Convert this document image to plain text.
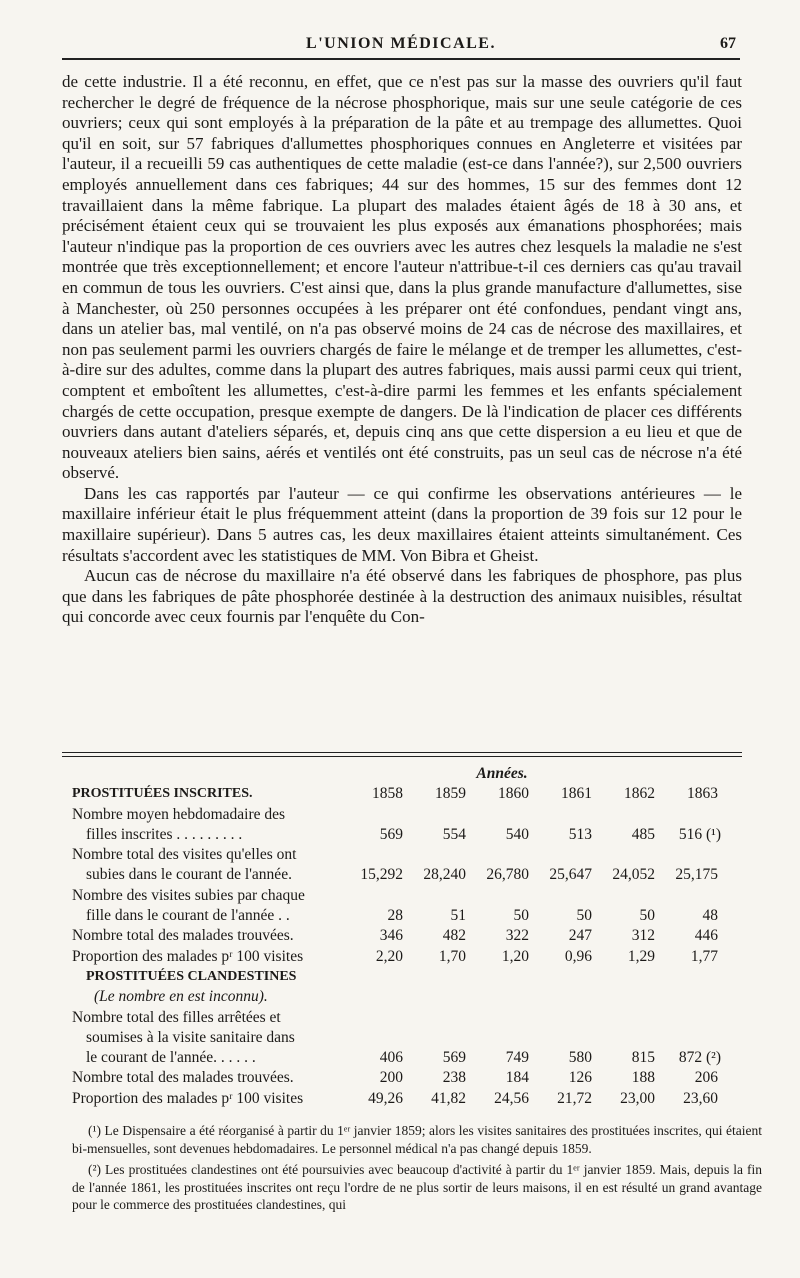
L'UNION MÉDICALE.	67

de cette industrie. Il a été reconnu, en effet, que ce n'est pas sur la masse des ouvriers qu'il faut rechercher le degré de fréquence de la nécrose phosphorique, mais sur une seule catégorie de ces ouvriers; ceux qui sont employés à la préparation de la pâte et au trempage des allumettes. Quoi qu'il en soit, sur 57 fabriques d'allumettes phosphoriques connues en Angleterre et visitées par l'auteur, il a recueilli 59 cas authentiques de cette maladie (est-ce dans l'année?), sur 2,500 ouvriers employés annuellement dans ces fabriques; 44 sur des hommes, 15 sur des femmes dont 12 travaillaient dans la même fabrique. La plupart des malades étaient âgés de 18 à 30 ans, et précisément étaient ceux qui se trouvaient les plus exposés aux émanations phosphorées; mais l'auteur n'indique pas la proportion de ces ouvriers avec les autres chez lesquels la maladie ne s'est montrée que très exceptionnellement; et encore l'auteur n'attribue-t-il ces derniers cas qu'au travail en commun de tous les ouvriers. C'est ainsi que, dans la plus grande manufacture d'allumettes, sise à Manchester, où 250 personnes occupées à les préparer ont été confondues, pendant vingt ans, dans un atelier bas, mal ventilé, on n'a pas observé moins de 24 cas de nécrose des maxillaires, et non pas seulement parmi les ouvriers chargés de faire le mélange et de tremper les allumettes, c'est-à-dire sur des adultes, comme dans la plupart des autres fabriques, mais aussi parmi ceux qui trient, comptent et emboîtent les allumettes, c'est-à-dire parmi les femmes et les enfants spécialement chargés de cette occupation, presque exempte de dangers. De là l'indication de placer ces différents ouvriers dans autant d'ateliers séparés, et, depuis cinq ans que cette dispersion a eu lieu et que de nouveaux ateliers bien sains, aérés et ventilés ont été construits, pas un seul cas de nécrose n'a été observé.

Dans les cas rapportés par l'auteur — ce qui confirme les observations antérieures — le maxillaire inférieur était le plus fréquemment atteint (dans la proportion de 39 fois sur 12 pour le maxillaire supérieur). Dans 5 autres cas, les deux maxillaires étaient atteints simultanément. Ces résultats s'accordent avec les statistiques de MM. Von Bibra et Gheist.

Aucun cas de nécrose du maxillaire n'a été observé dans les fabriques de phosphore, pas plus que dans les fabriques de pâte phosphorée destinée à la destruction des animaux nuisibles, résultat qui concorde avec ceux fournis par l'enquête du Con-

Années.
PROSTITUÉES INSCRITES.	1858	1859	1860	1861	1862	1863
Nombre moyen hebdomadaire des
filles inscrites . . . . . . . . .	569	554	540	513	485	516 (¹)
Nombre total des visites qu'elles ont
subies dans le courant de l'année.	15,292	28,240	26,780	25,647	24,052	25,175
Nombre des visites subies par chaque
fille dans le courant de l'année . .	28	51	50	50	50	48
Nombre total des malades trouvées.	346	482	322	247	312	446
Proportion des malades pʳ 100 visites	2,20	1,70	1,20	0,96	1,29	1,77
PROSTITUÉES CLANDESTINES
(Le nombre en est inconnu).
Nombre total des filles arrêtées et
soumises à la visite sanitaire dans
le courant de l'année. . . . . .	406	569	749	580	815	872 (²)
Nombre total des malades trouvées.	200	238	184	126	188	206
Proportion des malades pʳ 100 visites	49,26	41,82	24,56	21,72	23,00	23,60

(¹) Le Dispensaire a été réorganisé à partir du 1ᵉʳ janvier 1859; alors les visites sanitaires des prostituées inscrites, qui étaient bi-mensuelles, sont devenues hebdomadaires. Le personnel médical n'a pas changé depuis 1859.

(²) Les prostituées clandestines ont été poursuivies avec beaucoup d'activité à partir du 1ᵉʳ janvier 1859. Mais, depuis la fin de l'année 1861, les prostituées inscrites ont reçu l'ordre de ne plus sortir de leurs maisons, il en est résulté un grand avantage pour le commerce des prostituées clandestines, qui
